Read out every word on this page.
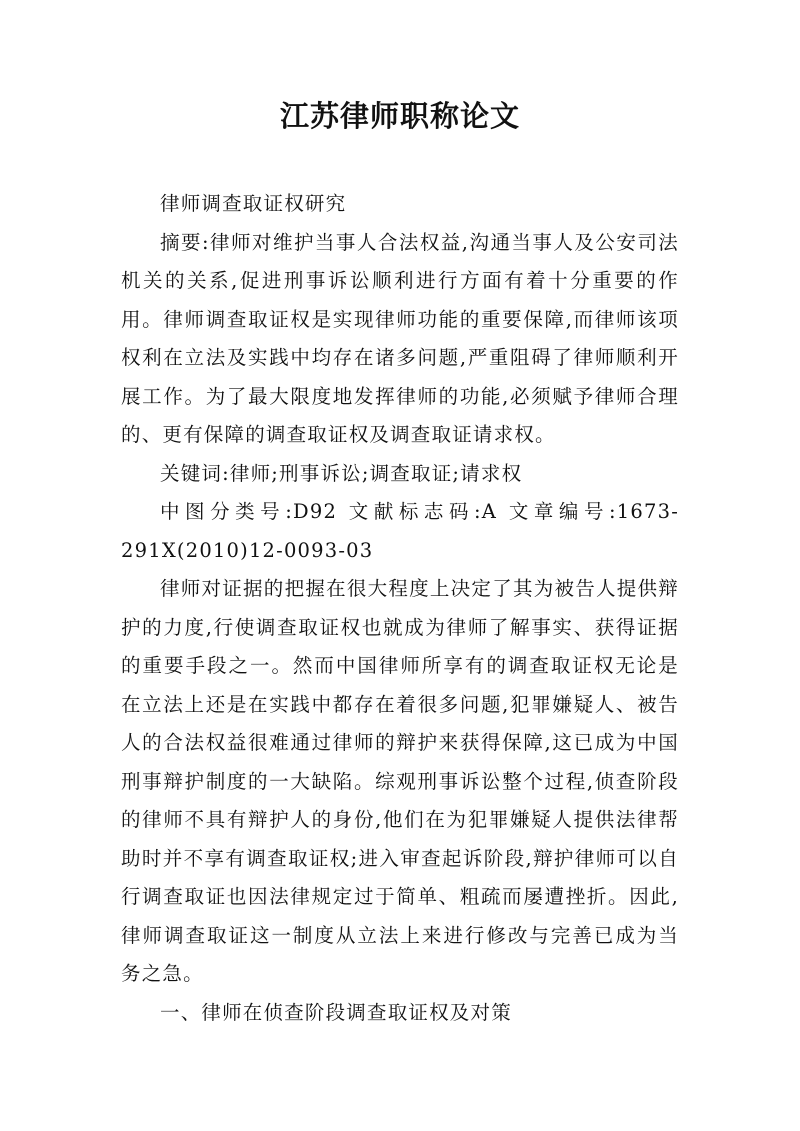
江苏律师职称论文

律师调查取证权研究

摘要:律师对维护当事人合法权益,沟通当事人及公安司法机关的关系,促进刑事诉讼顺利进行方面有着十分重要的作用。律师调查取证权是实现律师功能的重要保障,而律师该项权利在立法及实践中均存在诸多问题,严重阻碍了律师顺利开展工作。为了最大限度地发挥律师的功能,必须赋予律师合理的、更有保障的调查取证权及调查取证请求权。

关键词:律师;刑事诉讼;调查取证;请求权

中图分类号:D92 文献标志码:A 文章编号:1673-291X(2010)12-0093-03

律师对证据的把握在很大程度上决定了其为被告人提供辩护的力度,行使调查取证权也就成为律师了解事实、获得证据的重要手段之一。然而中国律师所享有的调查取证权无论是在立法上还是在实践中都存在着很多问题,犯罪嫌疑人、被告人的合法权益很难通过律师的辩护来获得保障,这已成为中国刑事辩护制度的一大缺陷。综观刑事诉讼整个过程,侦查阶段的律师不具有辩护人的身份,他们在为犯罪嫌疑人提供法律帮助时并不享有调查取证权;进入审查起诉阶段,辩护律师可以自行调查取证也因法律规定过于简单、粗疏而屡遭挫折。因此,律师调查取证这一制度从立法上来进行修改与完善已成为当务之急。

一、律师在侦查阶段调查取证权及对策
